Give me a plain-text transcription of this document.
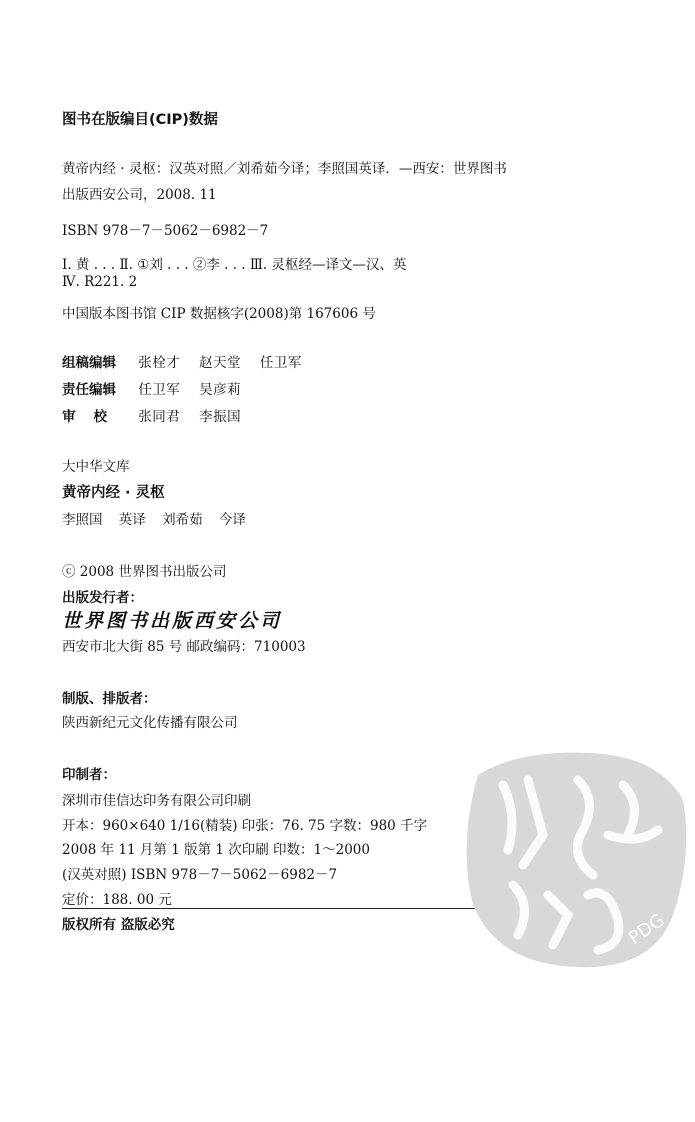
图书在版编目(CIP)数据
黄帝内经 · 灵枢：汉英对照／刘希茹今译；李照国英译．—西安：世界图书
出版西安公司，2008. 11
ISBN 978－7－5062－6982－7
Ⅰ. 黄 . . . Ⅱ. ①刘 . . . ②李 . . . Ⅲ. 灵枢经—译文—汉、英
Ⅳ. R221. 2
中国版本图书馆 CIP 数据核字(2008)第 167606 号
组稿编辑 张栓才 赵天堂 任卫军
责任编辑 任卫军 吴彦莉
审校 张同君 李振国
大中华文库
黄帝内经 · 灵枢
李照国 英译 刘希茹 今译
ⓒ 2008 世界图书出版公司
出版发行者：
世界图书出版西安公司
西安市北大街 85 号 邮政编码：710003
制版、排版者：
陕西新纪元文化传播有限公司
印制者：
深圳市佳信达印务有限公司印刷
开本：960×640 1/16(精装) 印张：76. 75 字数：980 千字
2008 年 11 月第 1 版第 1 次印刷 印数：1～2000
(汉英对照) ISBN 978－7－5062－6982－7
定价：188. 00 元
版权所有 盗版必究	PDG
